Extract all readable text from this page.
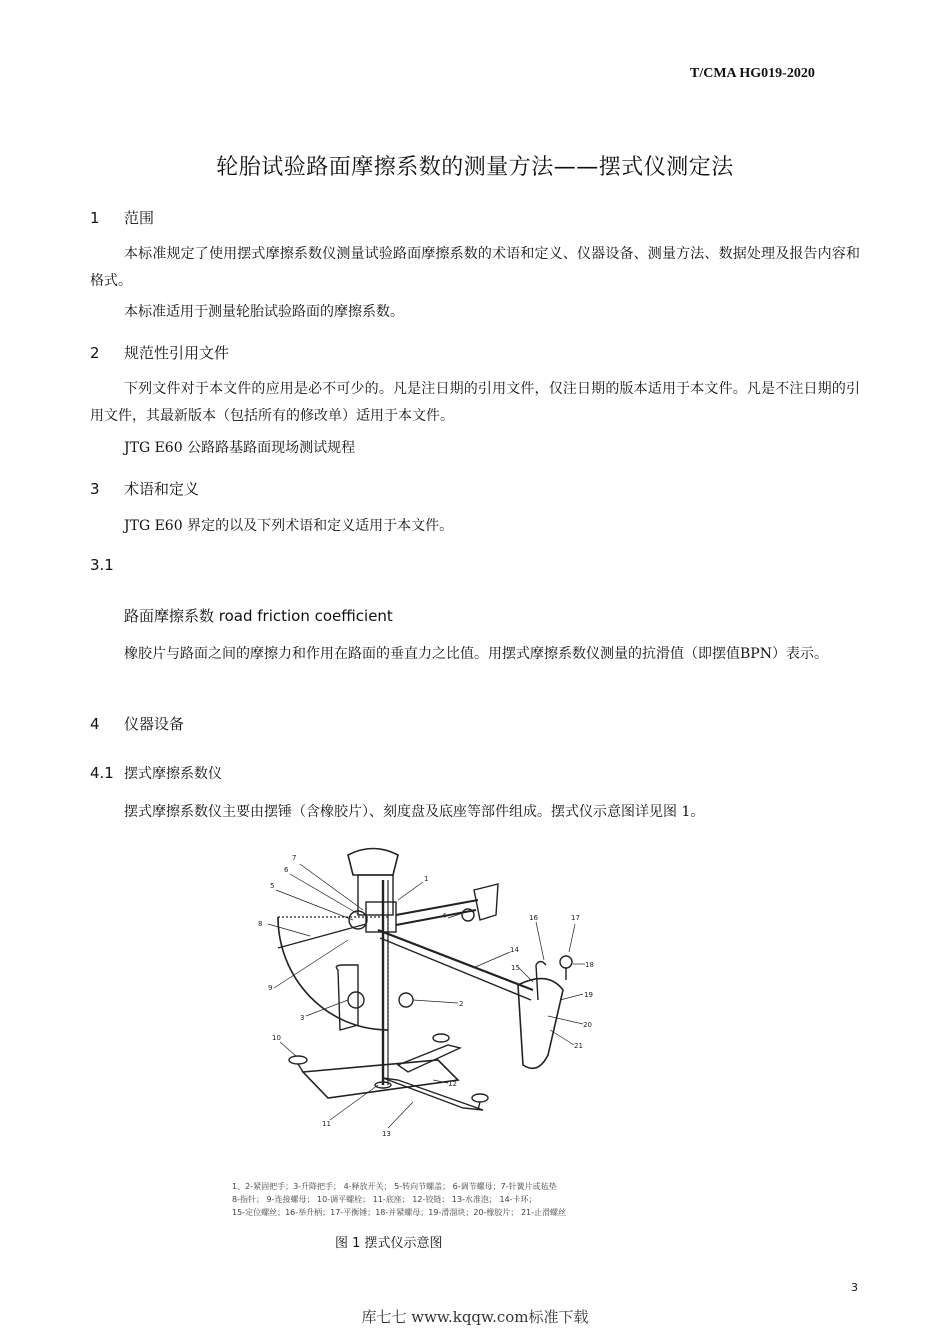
T/CMA HG019-2020
轮胎试验路面摩擦系数的测量方法——摆式仪测定法
1 范围
本标准规定了使用摆式摩擦系数仪测量试验路面摩擦系数的术语和定义、仪器设备、测量方法、数据处理及报告内容和格式。
本标准适用于测量轮胎试验路面的摩擦系数。
2 规范性引用文件
下列文件对于本文件的应用是必不可少的。凡是注日期的引用文件，仅注日期的版本适用于本文件。凡是不注日期的引用文件，其最新版本（包括所有的修改单）适用于本文件。
JTG E60 公路路基路面现场测试规程
3 术语和定义
JTG E60 界定的以及下列术语和定义适用于本文件。
3.1
路面摩擦系数 road friction coefficient
橡胶片与路面之间的摩擦力和作用在路面的垂直力之比值。用摆式摩擦系数仪测量的抗滑值（即摆值BPN）表示。
4 仪器设备
4.1 摆式摩擦系数仪
摆式摩擦系数仪主要由摆锤（含橡胶片）、刻度盘及底座等部件组成。摆式仪示意图详见图 1。
7
6
5
8
9
1
3
2
4
10
11
12
13
14
15
16	17
18
19
20
21
1、2-紧固把手；3-升降把手； 4-释放开关； 5-转向节螺盖； 6-调节螺母；7-针簧片或毡垫
8-指针； 9-连接螺母； 10-调平螺栓； 11-底座； 12-铰链； 13-水准泡； 14-卡环；
15-定位螺丝；16-举升柄；17-平衡锤；18-并紧螺母；19-滑溜块；20-橡胶片； 21-止滑螺丝
图 1 摆式仪示意图
3
库七七 www.kqqw.com标准下载
